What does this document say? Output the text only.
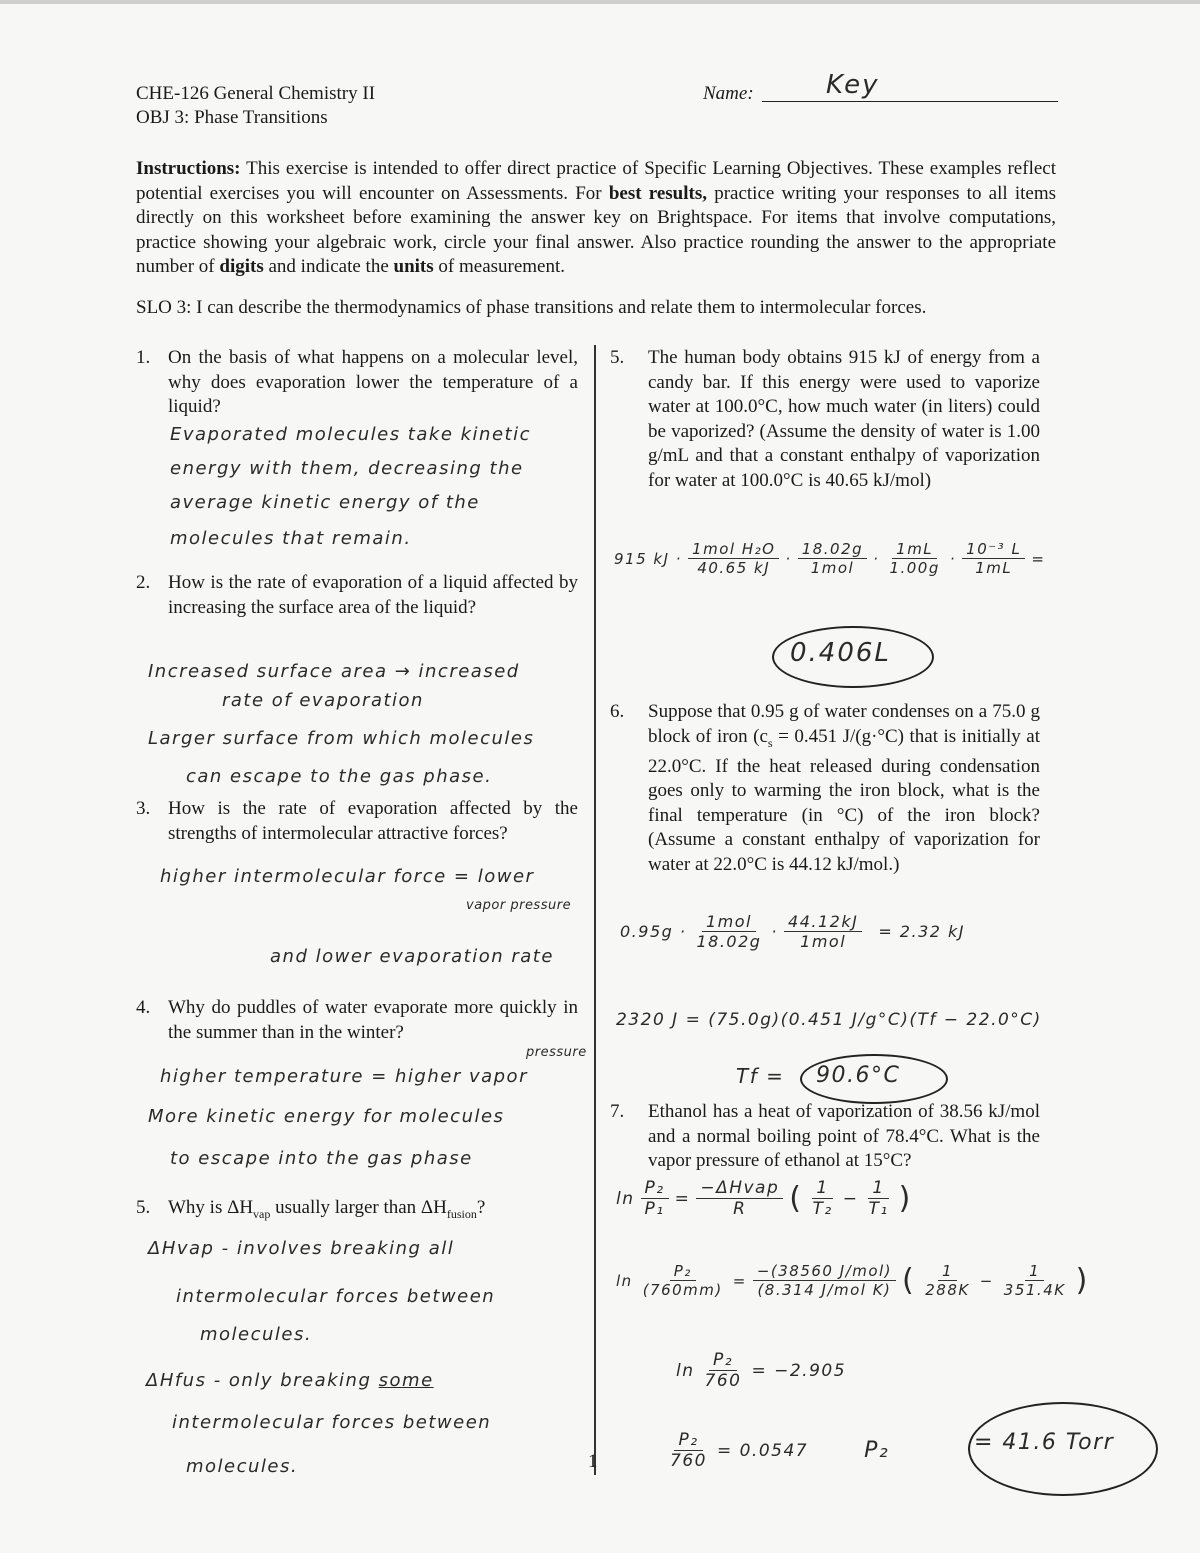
CHE-126 General Chemistry II
OBJ 3: Phase Transitions
Name:	Key
Instructions: This exercise is intended to offer direct practice of Specific Learning Objectives. These examples reflect potential exercises you will encounter on Assessments. For best results, practice writing your responses to all items directly on this worksheet before examining the answer key on Brightspace. For items that involve computations, practice showing your algebraic work, circle your final answer. Also practice rounding the answer to the appropriate number of digits and indicate the units of measurement.
SLO 3: I can describe the thermodynamics of phase transitions and relate them to intermolecular forces.
1. On the basis of what happens on a molecular level, why does evaporation lower the temperature of a liquid?
Evaporated molecules take kinetic
energy with them, decreasing the
average kinetic energy of the
molecules that remain.
2. How is the rate of evaporation of a liquid affected by increasing the surface area of the liquid?
Increased surface area → increased
rate of evaporation
Larger surface from which molecules
can escape to the gas phase.
3. How is the rate of evaporation affected by the strengths of intermolecular attractive forces?
higher intermolecular force = lower
vapor pressure
and lower evaporation rate
4. Why do puddles of water evaporate more quickly in the summer than in the winter?
pressure
higher temperature = higher vapor
More kinetic energy for molecules
to escape into the gas phase
5. Why is $\Delta H_{vap}$ usually larger than $\Delta H_{fusion}$?
ΔHvap - involves breaking all
intermolecular forces between
molecules.
ΔHfus - only breaking some
intermolecular forces between
molecules.	1
5.	The human body obtains 915 kJ of energy from a candy bar. If this energy were used to vaporize water at 100.0°C, how much water (in liters) could be vaporized? (Assume the density of water is 1.00 g/mL and that a constant enthalpy of vaporization for water at 100.0°C is 40.65 kJ/mol)
915 kJ · $\frac{\text{1mol H₂O}}{40.65 kJ} \cdot \frac{18.02g}{\text{1mol}} \cdot \frac{1mL}{1.00g} \cdot \frac{\text{10⁻³ L}}{1mL}$ =
0.406L
6.	Suppose that 0.95 g of water condenses on a 75.0 g block of iron ($c_s = 0.451$ J/(g·°C) that is initially at 22.0°C. If the heat released during condensation goes only to warming the iron block, what is the final temperature (in °C) of the iron block? (Assume a constant enthalpy of vaporization for water at 22.0°C is 44.12 kJ/mol.)
$0.95g \cdot \frac{\text{1mol}}{18.02g} \cdot \frac{44.12kJ}{\text{1mol}} = 2.32$ kJ
2320 J = (75.0g)(0.451 J/g°C)(Tf − 22.0°C)
Tf = 90.6°C
7.	Ethanol has a heat of vaporization of 38.56 kJ/mol and a normal boiling point of 78.4°C. What is the vapor pressure of ethanol at 15°C?
$\ln \frac{\text{P₂}}{\text{P₁}} = \frac{\text{−ΔHvap}}{R}$ ( $\frac{1}{\text{T₂}} - \frac{1}{\text{T₁}}$ )
$\ln \frac{\text{P₂}}{(760mm)} = \frac{\text{−(38560 J/mol)}}{\text{(8.314 J/mol K)}}$ ( $\frac{1}{288K} - \frac{1}{351.4K}$ )
$\ln \frac{\text{P₂}}{760} = -2.905$
$\frac{\text{P₂}}{760} = 0.0547$	P₂	= 41.6 Torr
